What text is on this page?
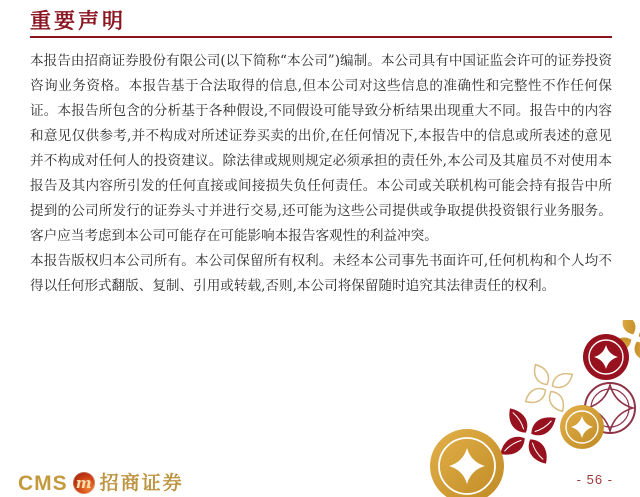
重要声明

本报告由招商证券股份有限公司(以下简称“本公司”)编制。本公司具有中国证监会许可的证券投资咨询业务资格。本报告基于合法取得的信息,但本公司对这些信息的准确性和完整性不作任何保证。本报告所包含的分析基于各种假设,不同假设可能导致分析结果出现重大不同。报告中的内容和意见仅供参考,并不构成对所述证券买卖的出价,在任何情况下,本报告中的信息或所表述的意见并不构成对任何人的投资建议。除法律或规则规定必须承担的责任外,本公司及其雇员不对使用本报告及其内容所引发的任何直接或间接损失负任何责任。本公司或关联机构可能会持有报告中所提到的公司所发行的证券头寸并进行交易,还可能为这些公司提供或争取提供投资银行业务服务。客户应当考虑到本公司可能存在可能影响本报告客观性的利益冲突。

本报告版权归本公司所有。本公司保留所有权利。未经本公司事先书面许可,任何机构和个人均不得以任何形式翻版、复制、引用或转载,否则,本公司将保留随时追究其法律责任的权利。

CMS m 招商证券	- 56 -
